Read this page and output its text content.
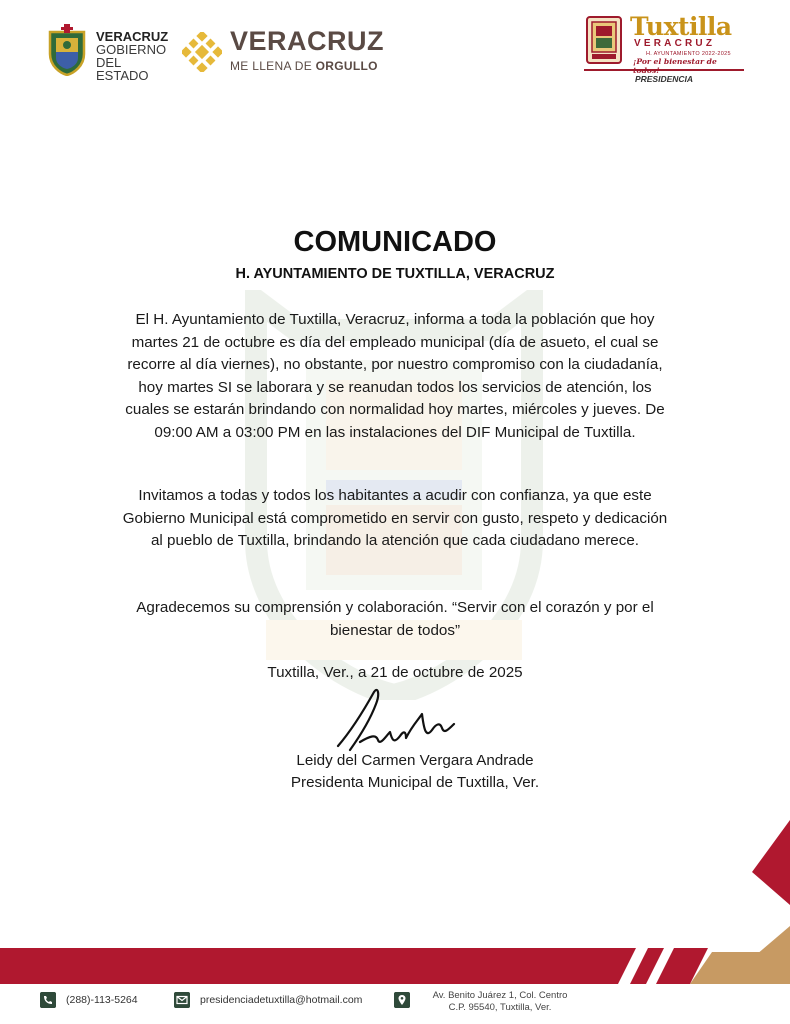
VERACRUZ
GOBIERNO
DEL ESTADO
VERACRUZ
ME LLENA DE ORGULLO
Tuxtilla
VERACRUZ
H. AYUNTAMIENTO 2022-2025
¡Por el bienestar de
PRESIDENCIA
COMUNICADO
H. AYUNTAMIENTO DE TUXTILLA, VERACRUZ
El H. Ayuntamiento de Tuxtilla, Veracruz, informa a toda la población que hoy martes 21 de octubre es día del empleado municipal (día de asueto, el cual se recorre al día viernes), no obstante, por nuestro compromiso con la ciudadanía, hoy martes SI se laborara y se reanudan todos los servicios de atención, los cuales se estarán brindando con normalidad hoy martes, miércoles y jueves. De 09:00 AM a 03:00 PM en las instalaciones del DIF Municipal de Tuxtilla.
Invitamos a todas y todos los habitantes a acudir con confianza, ya que este Gobierno Municipal está comprometido en servir con gusto, respeto y dedicación al pueblo de Tuxtilla, brindando la atención que cada ciudadano merece.
Agradecemos su comprensión y colaboración. “Servir con el corazón y por el bienestar de todos”
Tuxtilla, Ver., a 21 de octubre de 2025
Leidy del Carmen Vergara Andrade
Presidenta Municipal de Tuxtilla, Ver.
(288)-113-5264	presidenciadetuxtilla@hotmail.com	Av. Benito Juárez 1, Col. Centro
C.P. 95540, Tuxtilla, Ver.
